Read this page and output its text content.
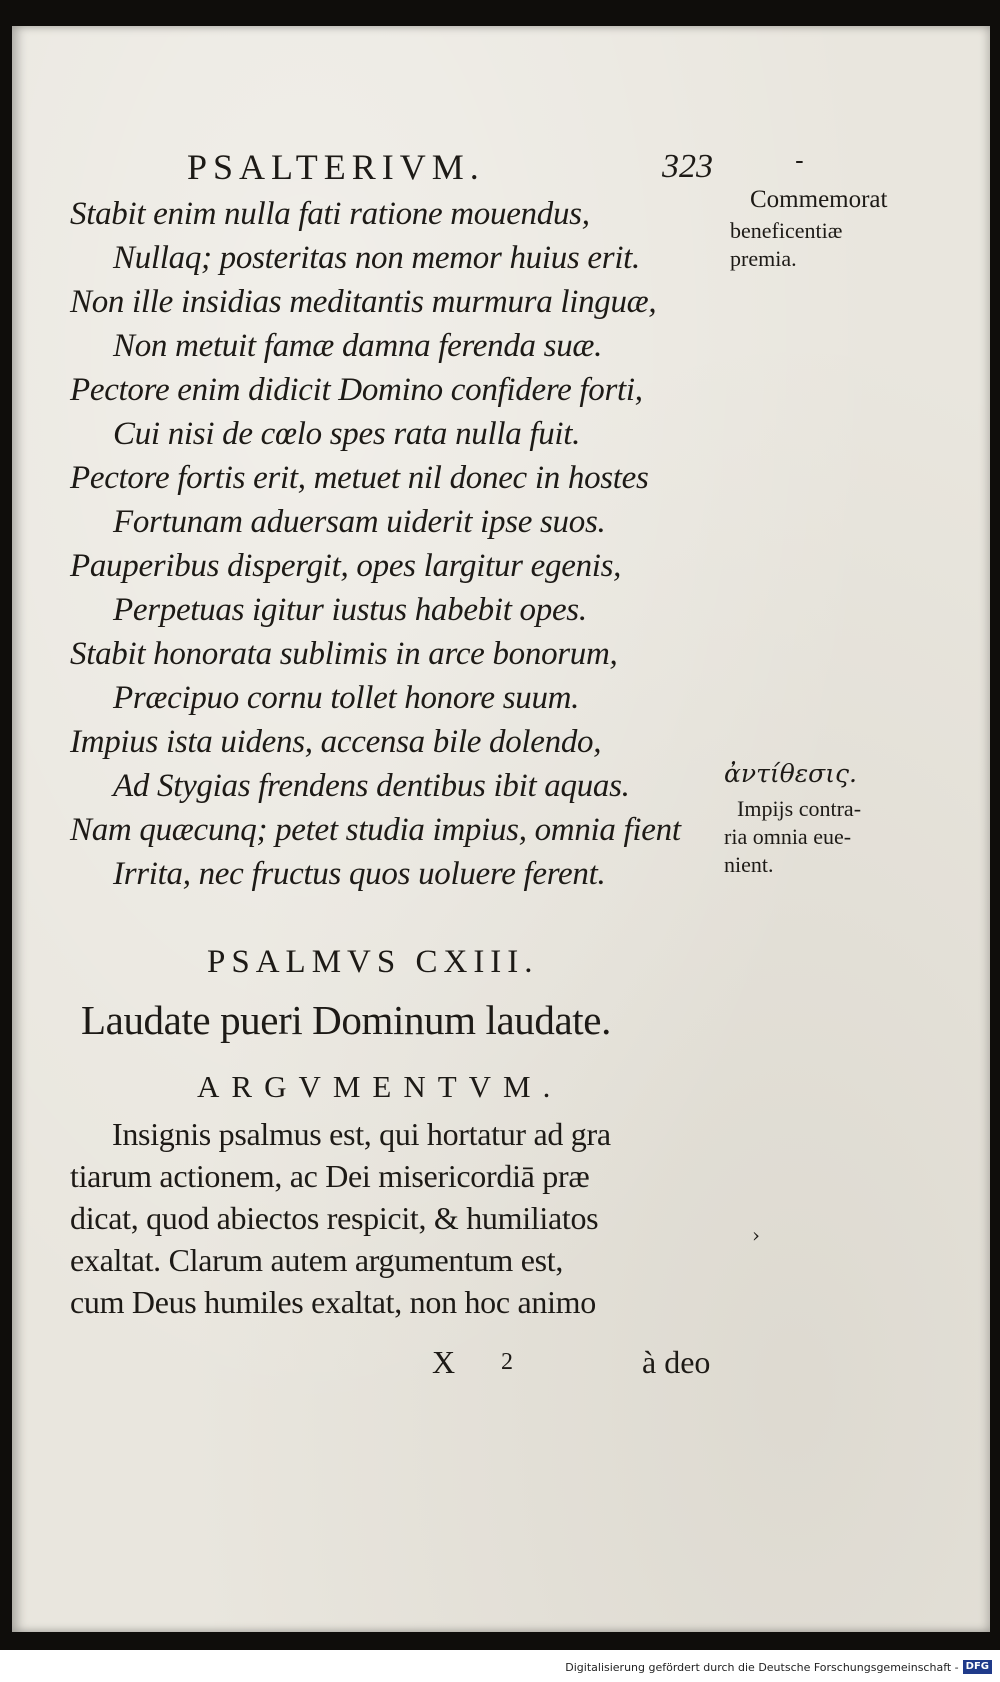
PSALTERIVM.	323	-
Stabit enim nulla fati ratione mouendus,
Nullaq; posteritas non memor huius erit.
Non ille insidias meditantis murmura linguæ,
Non metuit famæ damna ferenda suæ.
Pectore enim didicit Domino confidere forti,
Cui nisi de cœlo spes rata nulla fuit.
Pectore fortis erit, metuet nil donec in hostes
Fortunam aduersam uiderit ipse suos.
Pauperibus dispergit, opes largitur egenis,
Perpetuas igitur iustus habebit opes.
Stabit honorata sublimis in arce bonorum,
Præcipuo cornu tollet honore suum.
Impius ista uidens, accensa bile dolendo,
Ad Stygias frendens dentibus ibit aquas.
Nam quæcunq; petet studia impius, omnia fient
Irrita, nec fructus quos uoluere ferent.
Commemorat
beneficentiæ
premia.
ἀντίθεσις.
Impijs contra-
ria omnia eue-
nient.
PSALMVS CXIII.
Laudate pueri Dominum laudate.
ARGVMENTVM.
Insignis psalmus est, qui hortatur ad gra
tiarum actionem, ac Dei misericordiā præ
dicat, quod abiectos respicit, & humiliatos
exaltat. Clarum autem argumentum est,
cum Deus humiles exaltat, non hoc animo
X 2	à deo
›
Digitalisierung gefördert durch die Deutsche Forschungsgemeinschaft - DFG
